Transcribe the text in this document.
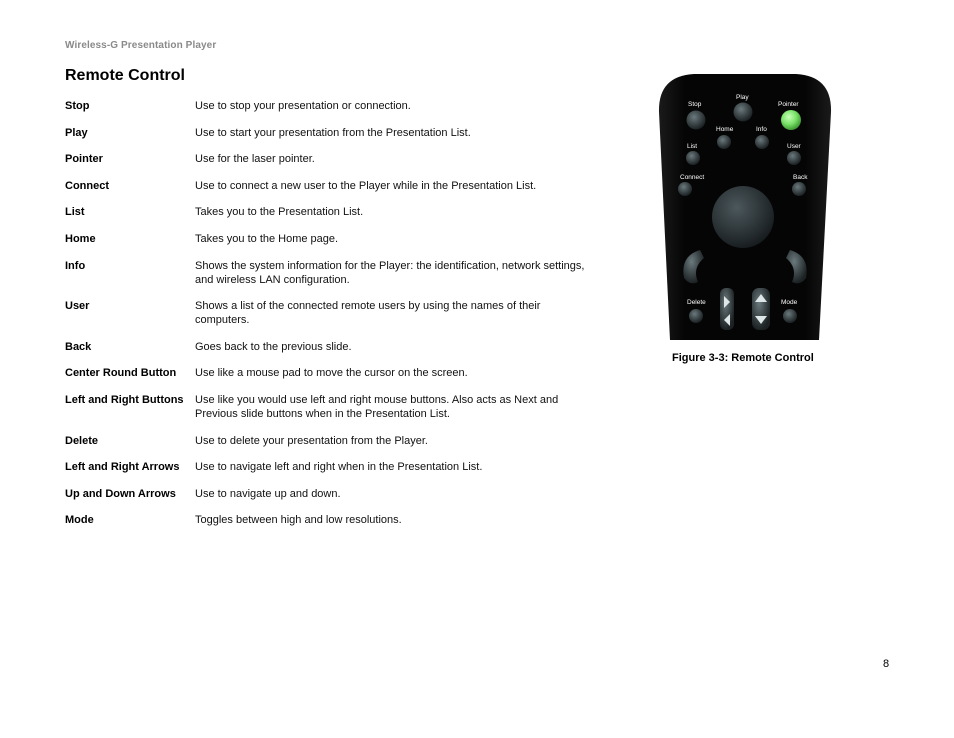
Wireless-G Presentation Player
Remote Control
Stop	Use to stop your presentation or connection.
Play	Use to start your presentation from the Presentation List.
Pointer	Use for the laser pointer.
Connect	Use to connect a new user to the Player while in the Presentation List.
List	Takes you to the Presentation List.
Home	Takes you to the Home page.
Info	Shows the system information for the Player: the identification, network settings, and wireless LAN configuration.
User	Shows a list of the connected remote users by using the names of their computers.
Back	Goes back to the previous slide.
Center Round Button	Use like a mouse pad to move the cursor on the screen.
Left and Right Buttons	Use like you would use left and right mouse buttons. Also acts as Next and Previous slide buttons when in the Presentation List.
Delete	Use to delete your presentation from the Player.
Left and Right Arrows	Use to navigate left and right when in the Presentation List.
Up and Down Arrows	Use to navigate up and down.
Mode	Toggles between high and low resolutions.
Play
Stop	Pointer
Home	Info
List	User
Connect	Back
Delete	Mode
Figure 3-3: Remote Control
8
